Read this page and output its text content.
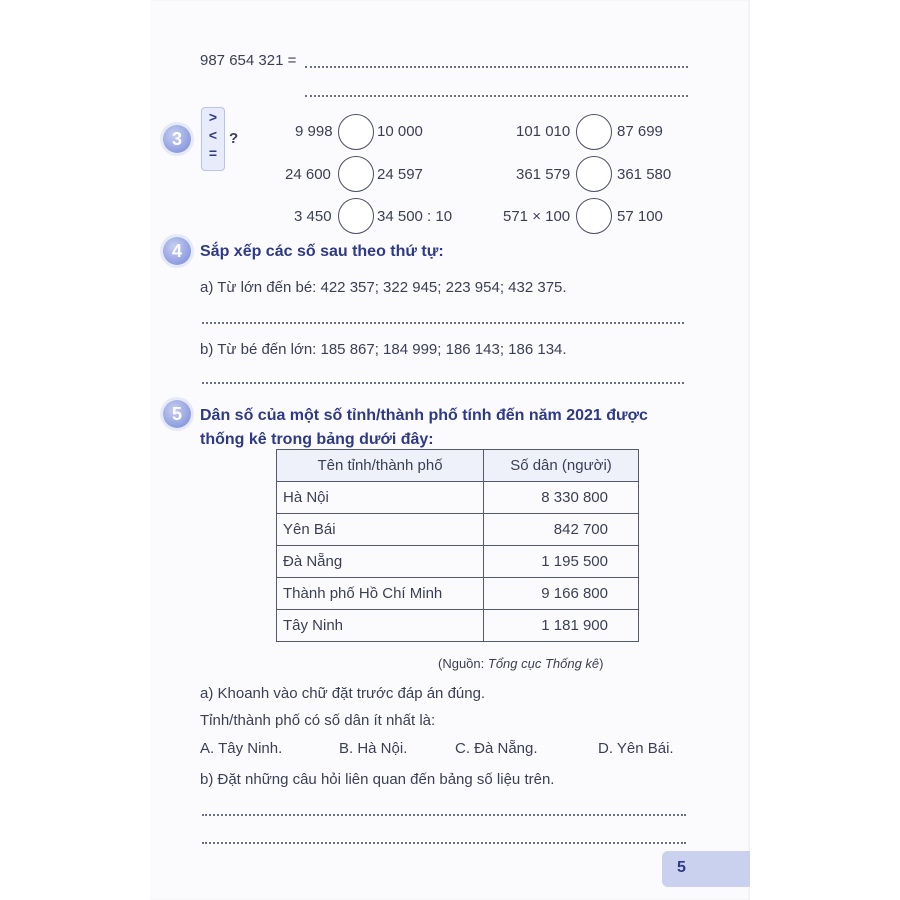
987 654 321 =
3
>
<
=
?	9 998	10 000	101 010	87 699
24 600	24 597	361 579	361 580
3 450	34 500 : 10	571 × 100	57 100
4	Sắp xếp các số sau theo thứ tự:
a) Từ lớn đến bé: 422 357; 322 945; 223 954; 432 375.
b) Từ bé đến lớn: 185 867; 184 999; 186 143; 186 134.
5	Dân số của một số tỉnh/thành phố tính đến năm 2021 được
thống kê trong bảng dưới đây:
Tên tỉnh/thành phố	Số dân (người)
Hà Nội	8 330 800
Yên Bái	842 700
Đà Nẵng	1 195 500
Thành phố Hồ Chí Minh	9 166 800
Tây Ninh	1 181 900
(Nguồn: Tổng cục Thống kê)
a) Khoanh vào chữ đặt trước đáp án đúng.
Tỉnh/thành phố có số dân ít nhất là:
A. Tây Ninh.	B. Hà Nội.	C. Đà Nẵng.	D. Yên Bái.
b) Đặt những câu hỏi liên quan đến bảng số liệu trên.
5
